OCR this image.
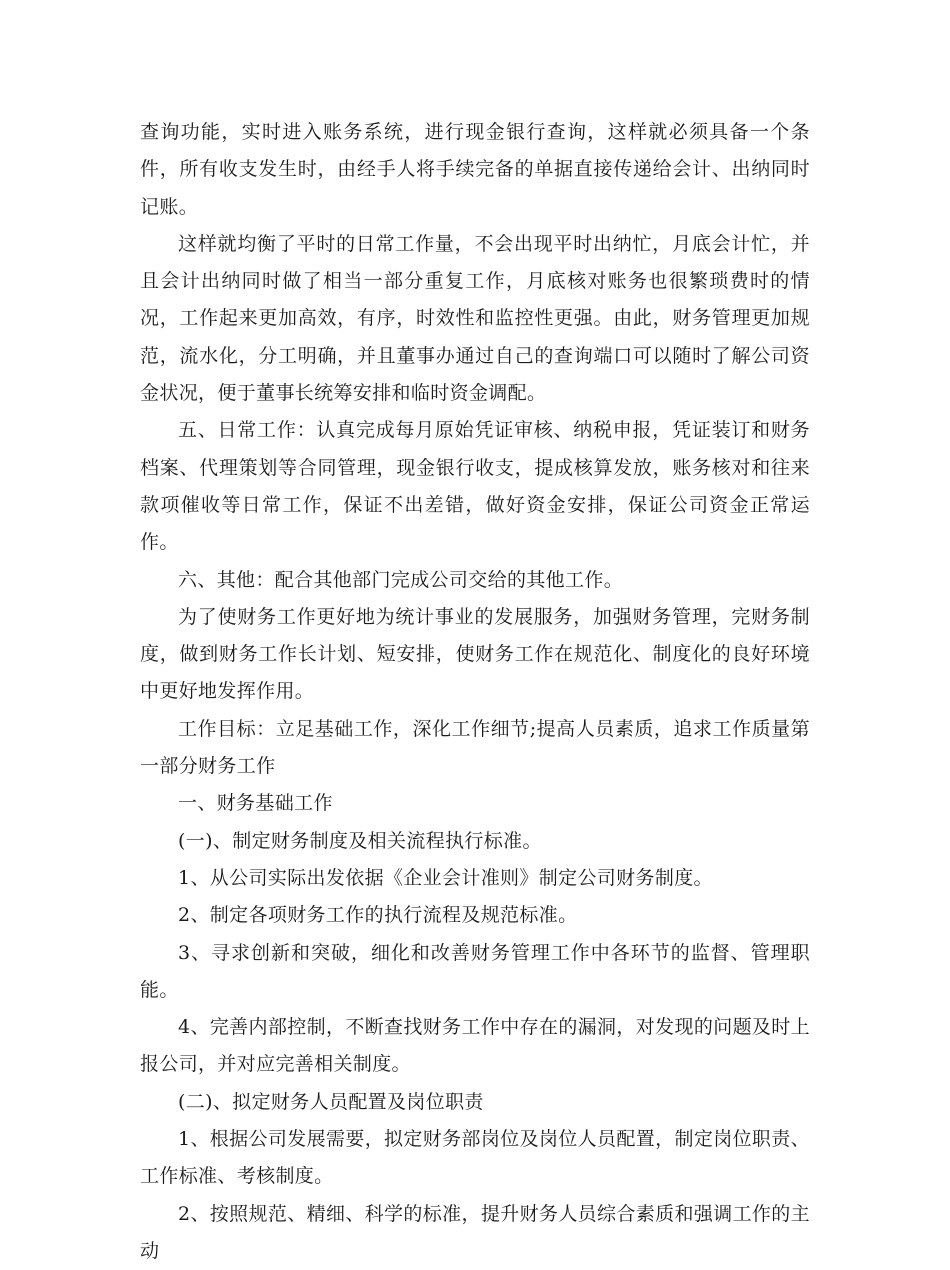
查询功能，实时进入账务系统，进行现金银行查询，这样就必须具备一个条件，所有收支发生时，由经手人将手续完备的单据直接传递给会计、出纳同时记账。

这样就均衡了平时的日常工作量，不会出现平时出纳忙，月底会计忙，并且会计出纳同时做了相当一部分重复工作，月底核对账务也很繁琐费时的情况，工作起来更加高效，有序，时效性和监控性更强。由此，财务管理更加规范，流水化，分工明确，并且董事办通过自己的查询端口可以随时了解公司资金状况，便于董事长统筹安排和临时资金调配。

五、日常工作：认真完成每月原始凭证审核、纳税申报，凭证装订和财务档案、代理策划等合同管理，现金银行收支，提成核算发放，账务核对和往来款项催收等日常工作，保证不出差错，做好资金安排，保证公司资金正常运作。

六、其他：配合其他部门完成公司交给的其他工作。

为了使财务工作更好地为统计事业的发展服务，加强财务管理，完财务制度，做到财务工作长计划、短安排，使财务工作在规范化、制度化的良好环境中更好地发挥作用。

工作目标：立足基础工作，深化工作细节;提高人员素质，追求工作质量第一部分财务工作

一、财务基础工作

(一)、制定财务制度及相关流程执行标准。

1、从公司实际出发依据《企业会计准则》制定公司财务制度。

2、制定各项财务工作的执行流程及规范标准。

3、寻求创新和突破，细化和改善财务管理工作中各环节的监督、管理职能。

4、完善内部控制，不断查找财务工作中存在的漏洞，对发现的问题及时上报公司，并对应完善相关制度。

(二)、拟定财务人员配置及岗位职责

1、根据公司发展需要，拟定财务部岗位及岗位人员配置，制定岗位职责、工作标准、考核制度。

2、按照规范、精细、科学的标准，提升财务人员综合素质和强调工作的主动
